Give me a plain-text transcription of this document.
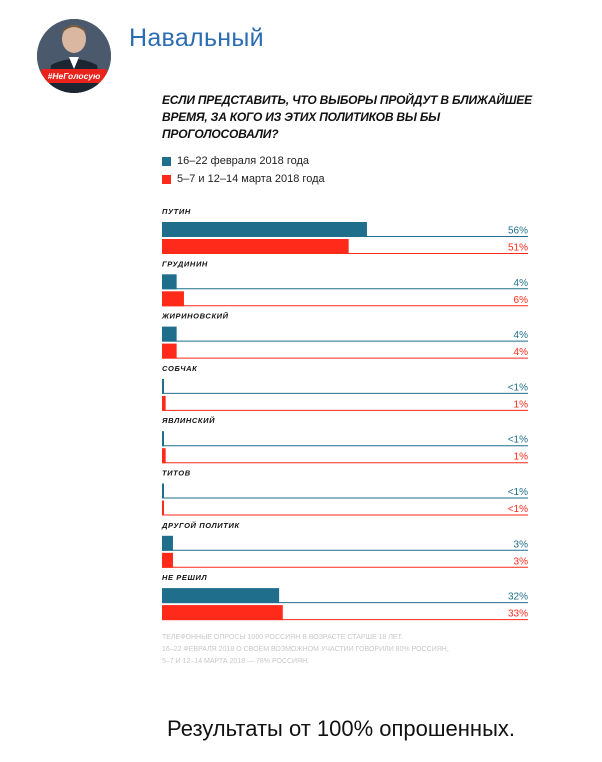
#НеГолосую
Навальный
ЕСЛИ ПРЕДСТАВИТЬ, ЧТО ВЫБОРЫ ПРОЙДУТ В БЛИЖАЙШЕЕ ВРЕМЯ, ЗА КОГО ИЗ ЭТИХ ПОЛИТИКОВ ВЫ БЫ ПРОГОЛОСОВАЛИ?
16–22 февраля 2018 года
5–7 и 12–14 марта 2018 года
ПУТИН
56%
51%
ГРУДИНИН
4%
6%
ЖИРИНОВСКИЙ
4%
4%
СОБЧАК
<1%
1%
ЯВЛИНСКИЙ
<1%
1%
ТИТОВ
<1%
<1%
ДРУГОЙ ПОЛИТИК
3%
3%
НЕ РЕШИЛ
32%
33%
ТЕЛЕФОННЫЕ ОПРОСЫ 1000 РОССИЯН В ВОЗРАСТЕ СТАРШЕ 18 ЛЕТ.
16–22 ФЕВРАЛЯ 2018 О СВОЕМ ВОЗМОЖНОМ УЧАСТИИ ГОВОРИЛИ 80% РОССИЯН,
5–7 И 12–14 МАРТА 2018 — 78% РОССИЯН.
Результаты от 100% опрошенных.
